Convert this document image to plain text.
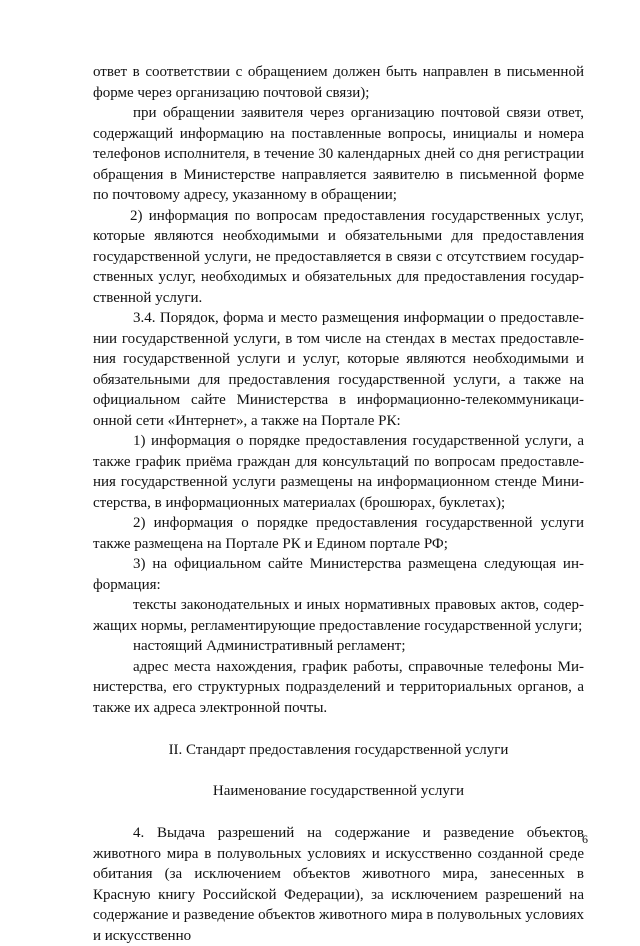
ответ в соответствии с обращением должен быть направлен в письменной форме через организацию почтовой связи);

при обращении заявителя через организацию почтовой связи ответ, содержащий информацию на поставленные вопросы, инициалы и номера телефонов исполнителя, в течение 30 календарных дней со дня регистрации обращения в Министерстве направляется заявителю в письменной форме по почтовому адресу, указанному в обращении;

2) информация по вопросам предоставления государственных услуг, которые являются необходимыми и обязательными для предоставления государственной услуги, не предоставляется в связи с отсутствием государственных услуг, необходимых и обязательных для предоставления государственной услуги.

3.4. Порядок, форма и место размещения информации о предоставлении государственной услуги, в том числе на стендах в местах предоставления государственной услуги и услуг, которые являются необходимыми и обязательными для предоставления государственной услуги, а также на официальном сайте Министерства в информационно-телекоммуникационной сети «Интернет», а также на Портале РК:

1) информация о порядке предоставления государственной услуги, а также график приёма граждан для консультаций по вопросам предоставления государственной услуги размещены на информационном стенде Министерства, в информационных материалах (брошюрах, буклетах);

2) информация о порядке предоставления государственной услуги также размещена на Портале РК и Едином портале РФ;

3) на официальном сайте Министерства размещена следующая информация:

тексты законодательных и иных нормативных правовых актов, содержащих нормы, регламентирующие предоставление государственной услуги;

настоящий Административный регламент;

адрес места нахождения, график работы, справочные телефоны Министерства, его структурных подразделений и территориальных органов, а также их адреса электронной почты.

II. Стандарт предоставления государственной услуги

Наименование государственной услуги

4. Выдача разрешений на содержание и разведение объектов животного мира в полувольных условиях и искусственно созданной среде обитания (за исключением объектов животного мира, занесенных в Красную книгу Российской Федерации), за исключением разрешений на содержание и разведение объектов животного мира в полувольных условиях и искусственно

6
